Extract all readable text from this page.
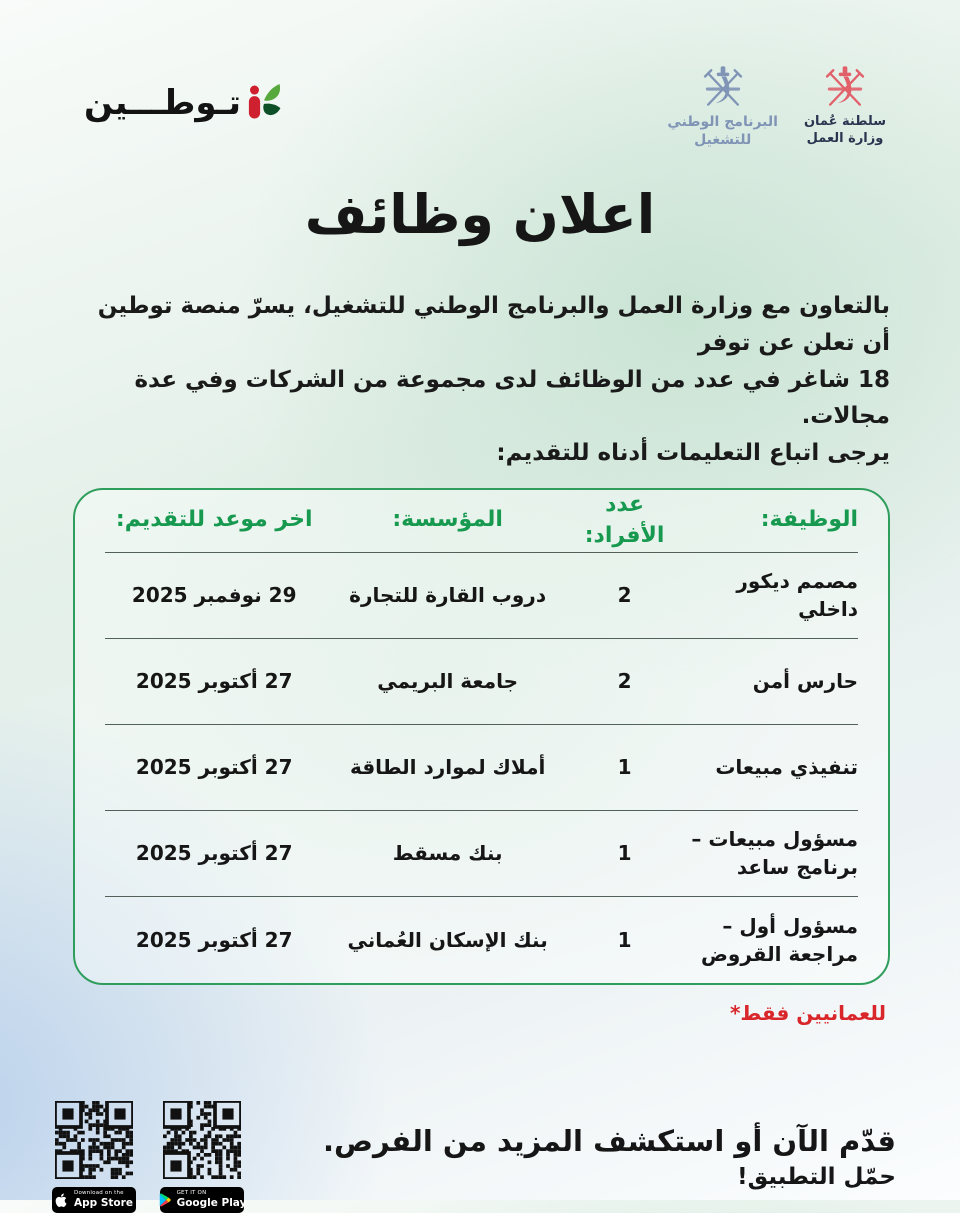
تـوطـــين	البرنامج الوطني
للتشغيل
سلطنة عُمان
وزارة العمل
اعلان وظائف
بالتعاون مع وزارة العمل والبرنامج الوطني للتشغيل، يسرّ منصة توطين أن تعلن عن توفر
18 شاغر في عدد من الوظائف لدى مجموعة من الشركات وفي عدة مجالات.
يرجى اتباع التعليمات أدناه للتقديم:
الوظيفة:
عدد الأفراد:
المؤسسة:
اخر موعد للتقديم:
مصمم ديكور داخلي
2
دروب القارة للتجارة
29 نوفمبر 2025
حارس أمن
2
جامعة البريمي
27 أكتوبر 2025
تنفيذي مبيعات
1
أملاك لموارد الطاقة
27 أكتوبر 2025
مسؤول مبيعات – برنامج ساعد
1
بنك مسقط
27 أكتوبر 2025
مسؤول أول – مراجعة القروض
1
بنك الإسكان العُماني
27 أكتوبر 2025
للعمانيين فقط*
Download on the
App Store
GET IT ON
Google Play
قدّم الآن أو استكشف المزيد من الفرص.
حمّل التطبيق!
